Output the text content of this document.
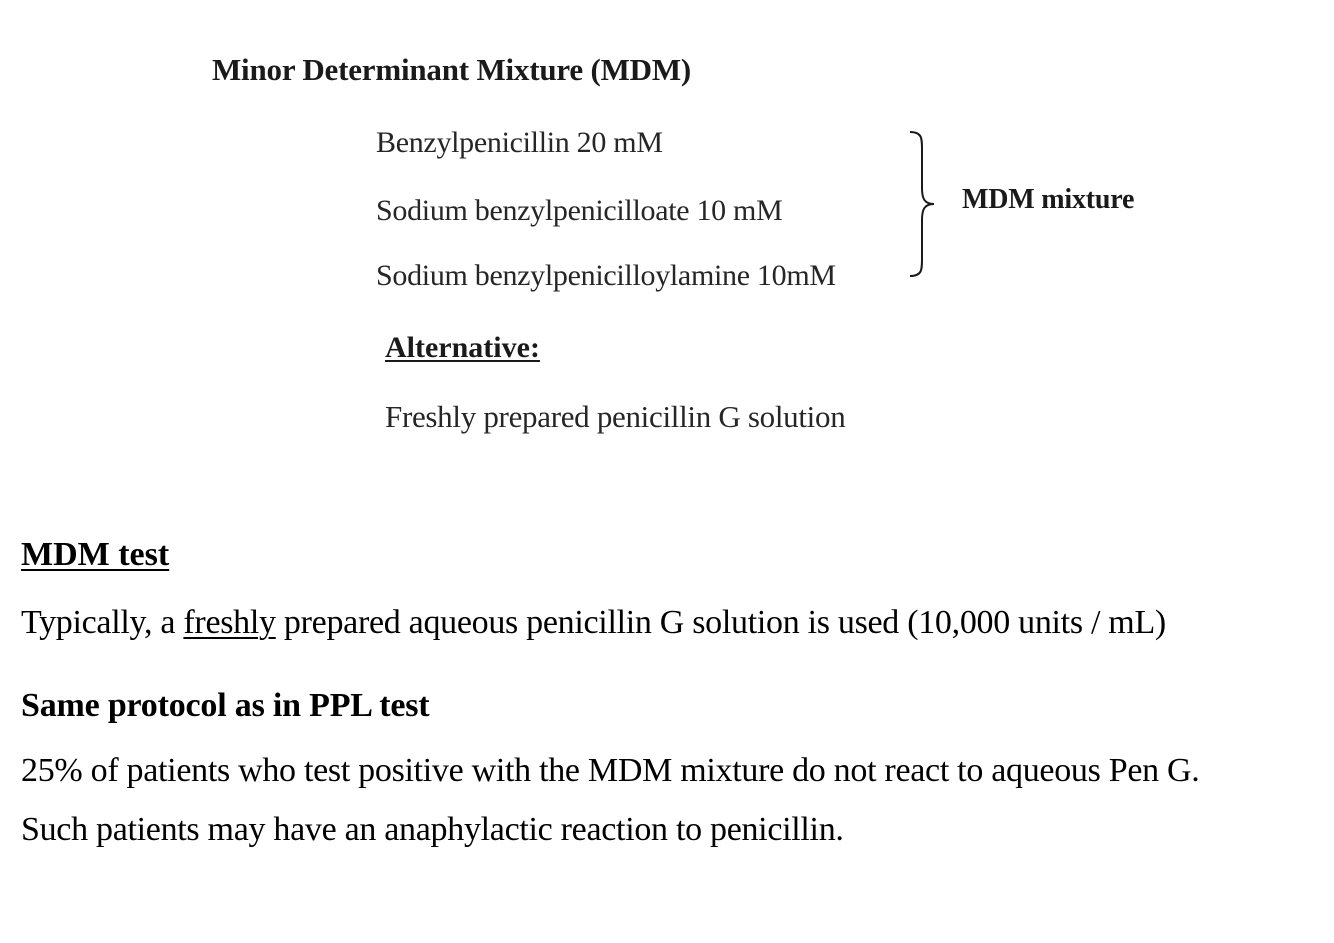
Minor Determinant Mixture (MDM)
Benzylpenicillin 20 mM
Sodium benzylpenicilloate 10 mM
Sodium benzylpenicilloylamine 10mM
MDM mixture
Alternative:
Freshly prepared penicillin G solution
MDM test
Typically, a freshly prepared aqueous penicillin G solution is used (10,000 units / mL)
Same protocol as in PPL test
25% of patients who test positive with the MDM mixture do not react to aqueous Pen G.
Such patients may have an anaphylactic reaction to penicillin.
